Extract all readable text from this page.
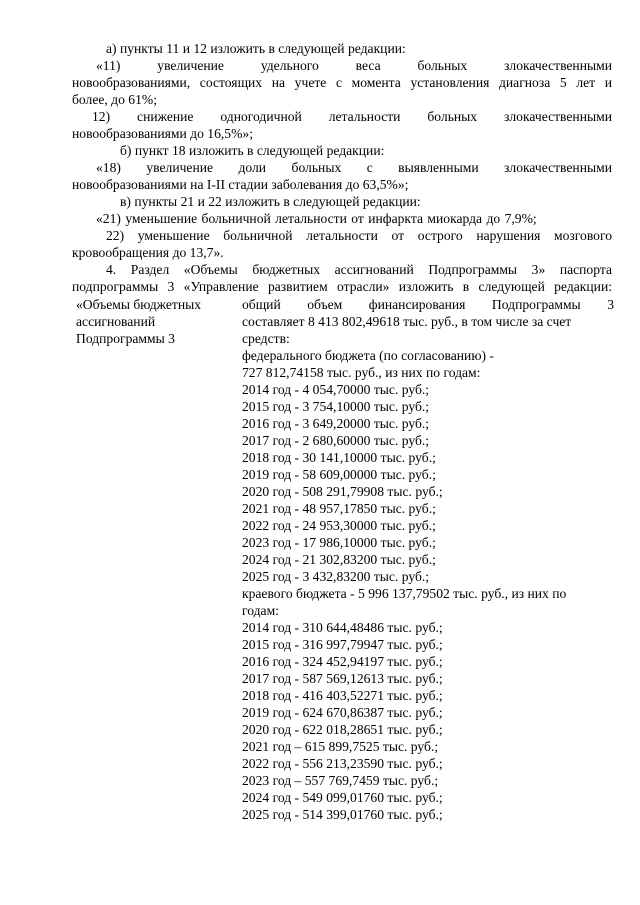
а) пункты 11 и 12 изложить в следующей редакции:
«11) увеличение удельного веса больных злокачественными
новообразованиями, состоящих на учете с момента установления диагноза 5 лет и
более, до 61%;
12) снижение одногодичной летальности больных злокачественными
новообразованиями до 16,5%»;
б) пункт 18 изложить в следующей редакции:
«18) увеличение доли больных с выявленными злокачественными
новообразованиями на I-II стадии заболевания до 63,5%»;
в) пункты 21 и 22 изложить в следующей редакции:
«21) уменьшение больничной летальности от инфаркта миокарда до 7,9%;
22) уменьшение больничной летальности от острого нарушения мозгового
кровообращения до 13,7».
4. Раздел «Объемы бюджетных ассигнований Подпрограммы 3» паспорта
подпрограммы 3 «Управление развитием отрасли» изложить в следующей редакции:
«Объемы бюджетных
ассигнований
Подпрограммы 3
общий объем финансирования Подпрограммы 3
составляет 8 413 802,49618 тыс. руб., в том числе за счет
средств:
федерального бюджета (по согласованию) -
727 812,74158 тыс. руб., из них по годам:
2014 год - 4 054,70000 тыс. руб.;
2015 год - 3 754,10000 тыс. руб.;
2016 год - 3 649,20000 тыс. руб.;
2017 год - 2 680,60000 тыс. руб.;
2018 год - 30 141,10000 тыс. руб.;
2019 год - 58 609,00000 тыс. руб.;
2020 год - 508 291,79908 тыс. руб.;
2021 год - 48 957,17850 тыс. руб.;
2022 год - 24 953,30000 тыс. руб.;
2023 год - 17 986,10000 тыс. руб.;
2024 год - 21 302,83200 тыс. руб.;
2025 год - 3 432,83200 тыс. руб.;
краевого бюджета - 5 996 137,79502 тыс. руб., из них по
годам:
2014 год - 310 644,48486 тыс. руб.;
2015 год - 316 997,79947 тыс. руб.;
2016 год - 324 452,94197 тыс. руб.;
2017 год - 587 569,12613 тыс. руб.;
2018 год - 416 403,52271 тыс. руб.;
2019 год - 624 670,86387 тыс. руб.;
2020 год - 622 018,28651 тыс. руб.;
2021 год – 615 899,7525 тыс. руб.;
2022 год - 556 213,23590 тыс. руб.;
2023 год – 557 769,7459 тыс. руб.;
2024 год - 549 099,01760 тыс. руб.;
2025 год - 514 399,01760 тыс. руб.;
